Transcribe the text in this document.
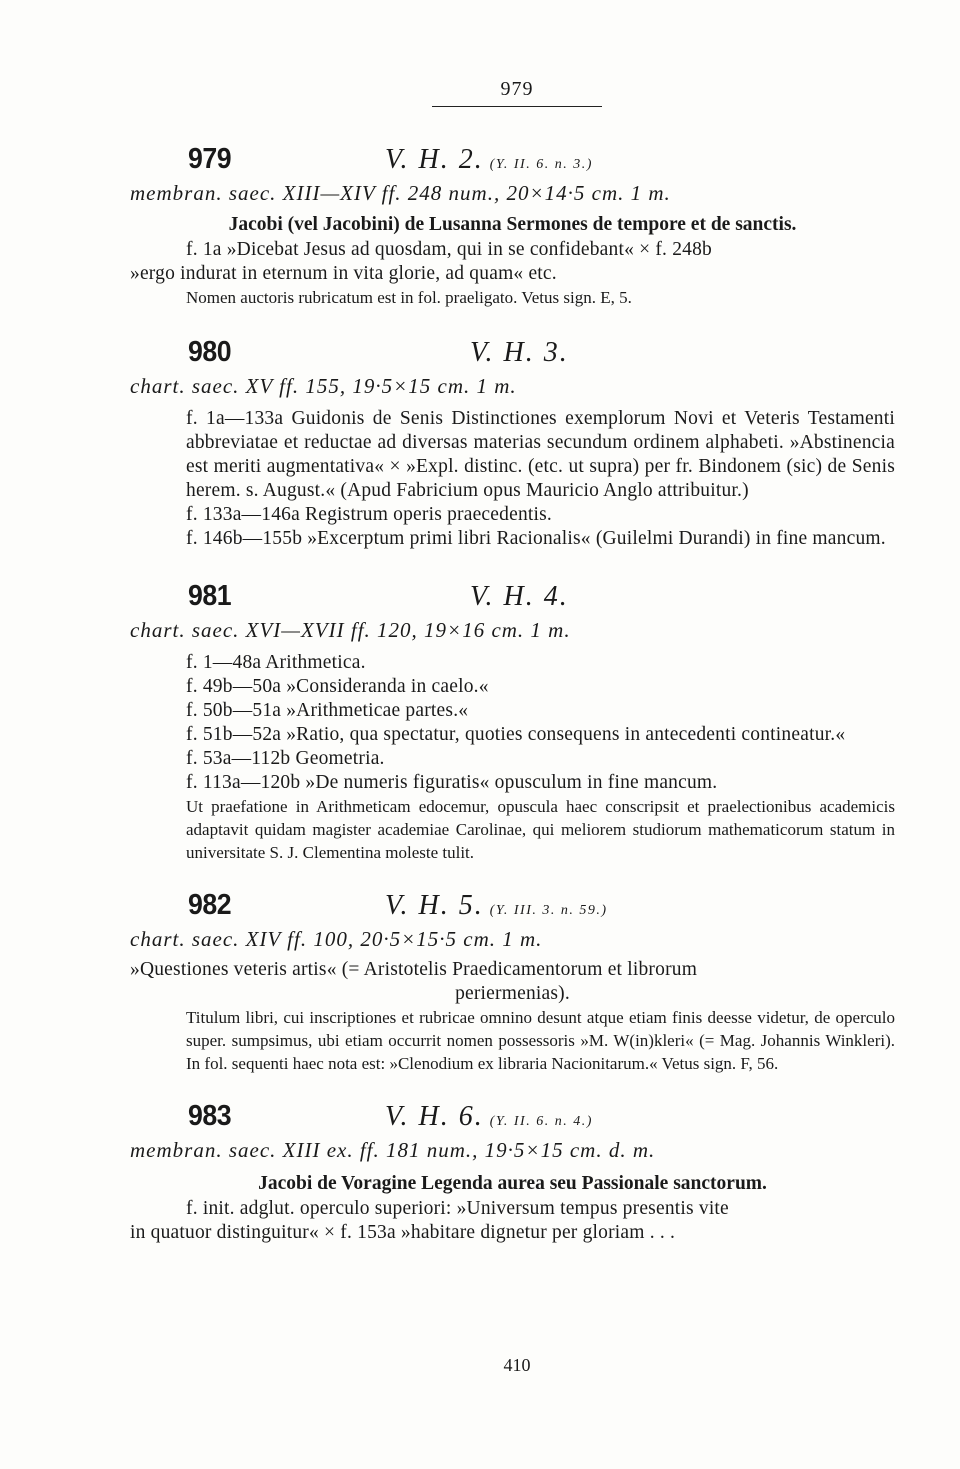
979
979	V. H. 2. (Y. II. 6. n. 3.)
membran. saec. XIII—XIV ff. 248 num., 20×14·5 cm. 1 m.
Jacobi (vel Jacobini) de Lusanna Sermones de tempore et de sanctis.
f. 1a »Dicebat Jesus ad quosdam, qui in se confidebant« × f. 248b
»ergo indurat in eternum in vita glorie, ad quam« etc.
Nomen auctoris rubricatum est in fol. praeligato. Vetus sign. E, 5.
980	V. H. 3.
chart. saec. XV ff. 155, 19·5×15 cm. 1 m.
f. 1a—133a Guidonis de Senis Distinctiones exemplorum Novi et Veteris Testamenti abbreviatae et reductae ad diversas materias secundum ordinem alphabeti. »Abstinencia est meriti augmentativa« × »Expl. distinc. (etc. ut supra) per fr. Bindonem (sic) de Senis herem. s. August.« (Apud Fabricium opus Mauricio Anglo attribuitur.)
f. 133a—146a Registrum operis praecedentis.
f. 146b—155b »Excerptum primi libri Racionalis« (Guilelmi Durandi) in fine mancum.
981	V. H. 4.
chart. saec. XVI—XVII ff. 120, 19×16 cm. 1 m.
f. 1—48a Arithmetica.
f. 49b—50a »Consideranda in caelo.«
f. 50b—51a »Arithmeticae partes.«
f. 51b—52a »Ratio, qua spectatur, quoties consequens in antecedenti contineatur.«
f. 53a—112b Geometria.
f. 113a—120b »De numeris figuratis« opusculum in fine mancum.
Ut praefatione in Arithmeticam edocemur, opuscula haec conscripsit et praelectionibus academicis adaptavit quidam magister academiae Carolinae, qui meliorem studiorum mathematicorum statum in universitate S. J. Clementina moleste tulit.
982	V. H. 5. (Y. III. 3. n. 59.)
chart. saec. XIV ff. 100, 20·5×15·5 cm. 1 m.
»Questiones veteris artis« (= Aristotelis Praedicamentorum et librorum
periermenias).
Titulum libri, cui inscriptiones et rubricae omnino desunt atque etiam finis deesse videtur, de operculo super. sumpsimus, ubi etiam occurrit nomen possessoris »M. W(in)kleri« (= Mag. Johannis Winkleri). In fol. sequenti haec nota est: »Clenodium ex libraria Nacionitarum.« Vetus sign. F, 56.
983	V. H. 6. (Y. II. 6. n. 4.)
membran. saec. XIII ex. ff. 181 num., 19·5×15 cm. d. m.
Jacobi de Voragine Legenda aurea seu Passionale sanctorum.
f. init. adglut. operculo superiori: »Universum tempus presentis vite
in quatuor distinguitur« × f. 153a »habitare dignetur per gloriam . . .
410
